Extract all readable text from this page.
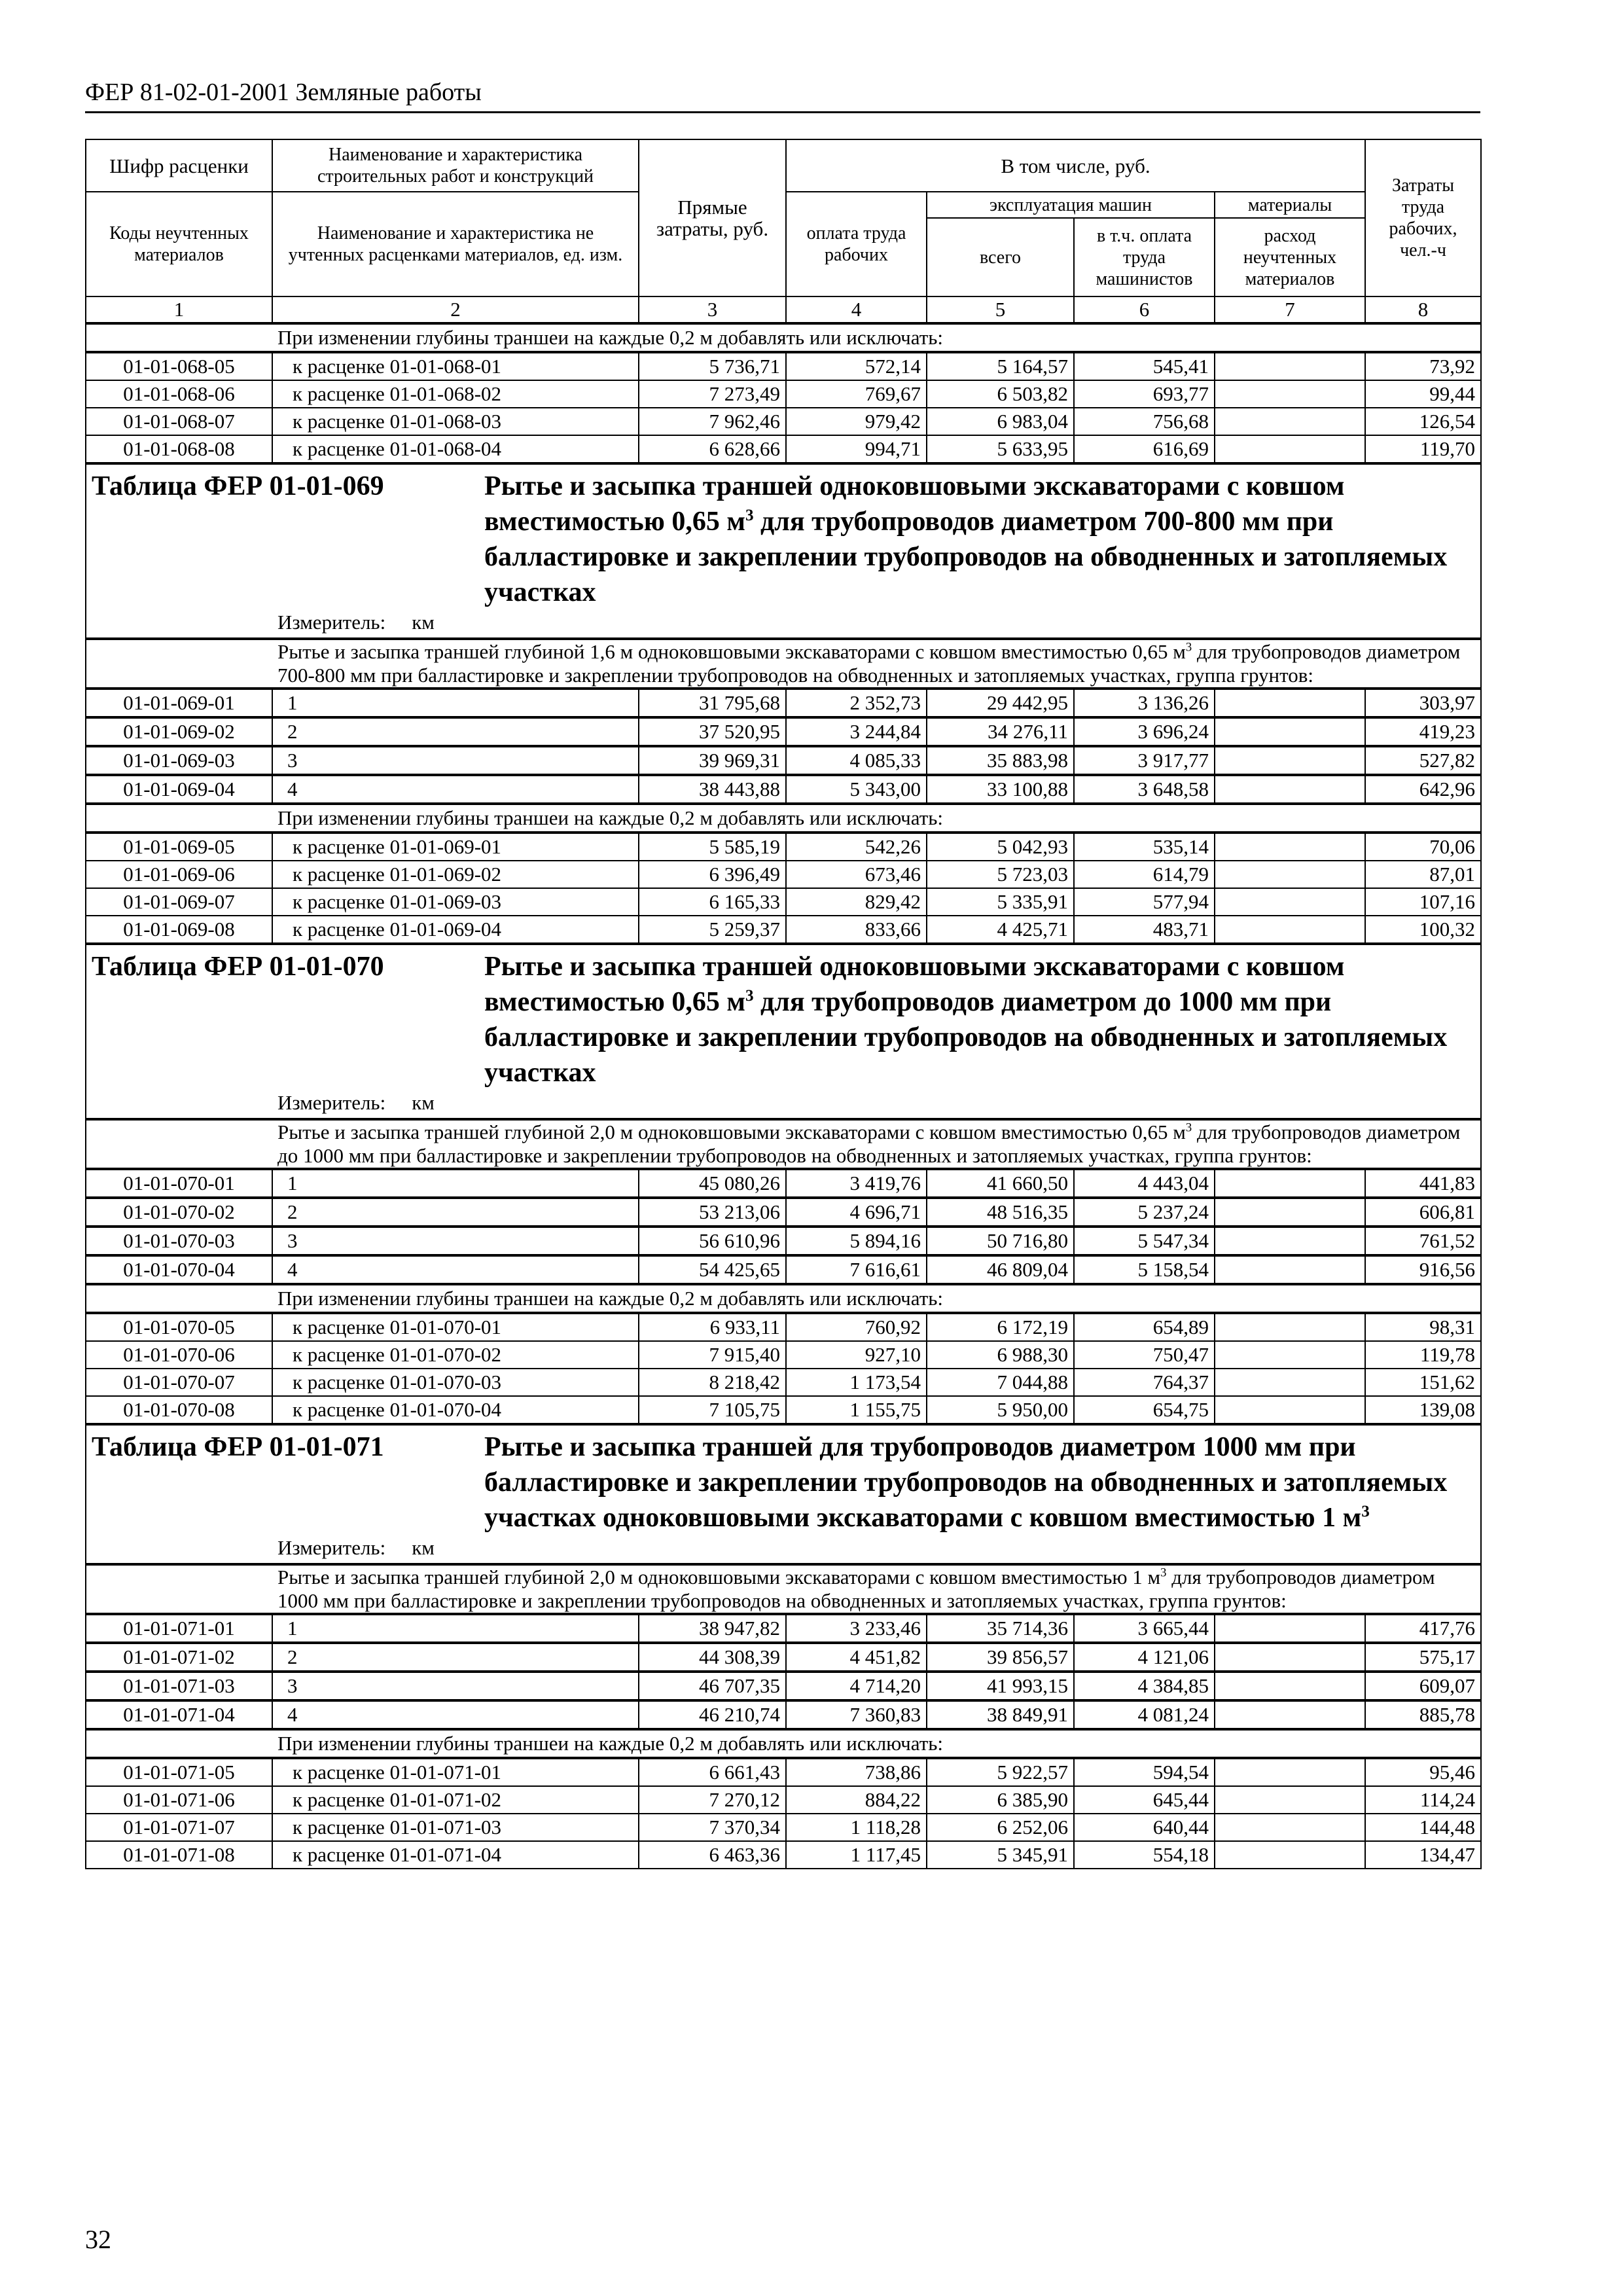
ФЕР 81-02-01-2001 Земляные работы
Шифр расценки	Наименование и характеристика строительных работ и конструкций	Прямые затраты, руб.	В том числе, руб.				Затраты труда рабочих, чел.-ч
Коды неучтенных материалов	Наименование и характеристика не учтенных расценками материалов, ед. изм.		оплата труда рабочих	эксплуатация машин		материалы	
				всего	в т.ч. оплата труда машинистов	расход неучтенных материалов	
1	2	3	4	5	6	7	8
При изменении глубины траншеи на каждые 0,2 м добавлять или исключать:							
01-01-068-05	к расценке 01-01-068-01	5 736,71	572,14	5 164,57	545,41		73,92
01-01-068-06	к расценке 01-01-068-02	7 273,49	769,67	6 503,82	693,77		99,44
01-01-068-07	к расценке 01-01-068-03	7 962,46	979,42	6 983,04	756,68		126,54
01-01-068-08	к расценке 01-01-068-04	6 628,66	994,71	5 633,95	616,69		119,70

Таблица ФЕР 01-01-069 Рытье и засыпка траншей одноковшовыми экскаваторами с ковшом вместимостью 0,65 $м^3$ для трубопроводов диаметром 700-800 мм при балластировке и закреплении трубопроводов на обводненных и затопляемых участках							

Измеритель: км							
Рытье и засыпка траншей глубиной 1,6 м одноковшовыми экскаваторами с ковшом вместимостью 0,65 $м^3$ для трубопроводов диаметром 700-800 мм при балластировке и закреплении трубопроводов на обводненных и затопляемых участках, группа грунтов:							
01-01-069-01	1	31 795,68	2 352,73	29 442,95	3 136,26		303,97
01-01-069-02	2	37 520,95	3 244,84	34 276,11	3 696,24		419,23
01-01-069-03	3	39 969,31	4 085,33	35 883,98	3 917,77		527,82
01-01-069-04	4	38 443,88	5 343,00	33 100,88	3 648,58		642,96
При изменении глубины траншеи на каждые 0,2 м добавлять или исключать:							
01-01-069-05	к расценке 01-01-069-01	5 585,19	542,26	5 042,93	535,14		70,06
01-01-069-06	к расценке 01-01-069-02	6 396,49	673,46	5 723,03	614,79		87,01
01-01-069-07	к расценке 01-01-069-03	6 165,33	829,42	5 335,91	577,94		107,16
01-01-069-08	к расценке 01-01-069-04	5 259,37	833,66	4 425,71	483,71		100,32

Таблица ФЕР 01-01-070 Рытье и засыпка траншей одноковшовыми экскаваторами с ковшом вместимостью 0,65 $м^3$ для трубопроводов диаметром до 1000 мм при балластировке и закреплении трубопроводов на обводненных и затопляемых участках							

Измеритель: км							
Рытье и засыпка траншей глубиной 2,0 м одноковшовыми экскаваторами с ковшом вместимостью 0,65 $м^3$ для трубопроводов диаметром до 1000 мм при балластировке и закреплении трубопроводов на обводненных и затопляемых участках, группа грунтов:							
01-01-070-01	1	45 080,26	3 419,76	41 660,50	4 443,04		441,83
01-01-070-02	2	53 213,06	4 696,71	48 516,35	5 237,24		606,81
01-01-070-03	3	56 610,96	5 894,16	50 716,80	5 547,34		761,52
01-01-070-04	4	54 425,65	7 616,61	46 809,04	5 158,54		916,56
При изменении глубины траншеи на каждые 0,2 м добавлять или исключать:							
01-01-070-05	к расценке 01-01-070-01	6 933,11	760,92	6 172,19	654,89		98,31
01-01-070-06	к расценке 01-01-070-02	7 915,40	927,10	6 988,30	750,47		119,78
01-01-070-07	к расценке 01-01-070-03	8 218,42	1 173,54	7 044,88	764,37		151,62
01-01-070-08	к расценке 01-01-070-04	7 105,75	1 155,75	5 950,00	654,75		139,08

Таблица ФЕР 01-01-071 Рытье и засыпка траншей для трубопроводов диаметром 1000 мм при балластировке и закреплении трубопроводов на обводненных и затопляемых участках одноковшовыми экскаваторами с ковшом вместимостью 1 $м^3$

Измеритель: км							
Рытье и засыпка траншей глубиной 2,0 м одноковшовыми экскаваторами с ковшом вместимостью 1 $м^3$ для трубопроводов диаметром 1000 мм при балластировке и закреплении трубопроводов на обводненных и затопляемых участках, группа грунтов:							
01-01-071-01	1	38 947,82	3 233,46	35 714,36	3 665,44		417,76
01-01-071-02	2	44 308,39	4 451,82	39 856,57	4 121,06		575,17
01-01-071-03	3	46 707,35	4 714,20	41 993,15	4 384,85		609,07
01-01-071-04	4	46 210,74	7 360,83	38 849,91	4 081,24		885,78
При изменении глубины траншеи на каждые 0,2 м добавлять или исключать:							
01-01-071-05	к расценке 01-01-071-01	6 661,43	738,86	5 922,57	594,54		95,46
01-01-071-06	к расценке 01-01-071-02	7 270,12	884,22	6 385,90	645,44		114,24
01-01-071-07	к расценке 01-01-071-03	7 370,34	1 118,28	6 252,06	640,44		144,48
01-01-071-08	к расценке 01-01-071-04	6 463,36	1 117,45	5 345,91	554,18		134,47
32
